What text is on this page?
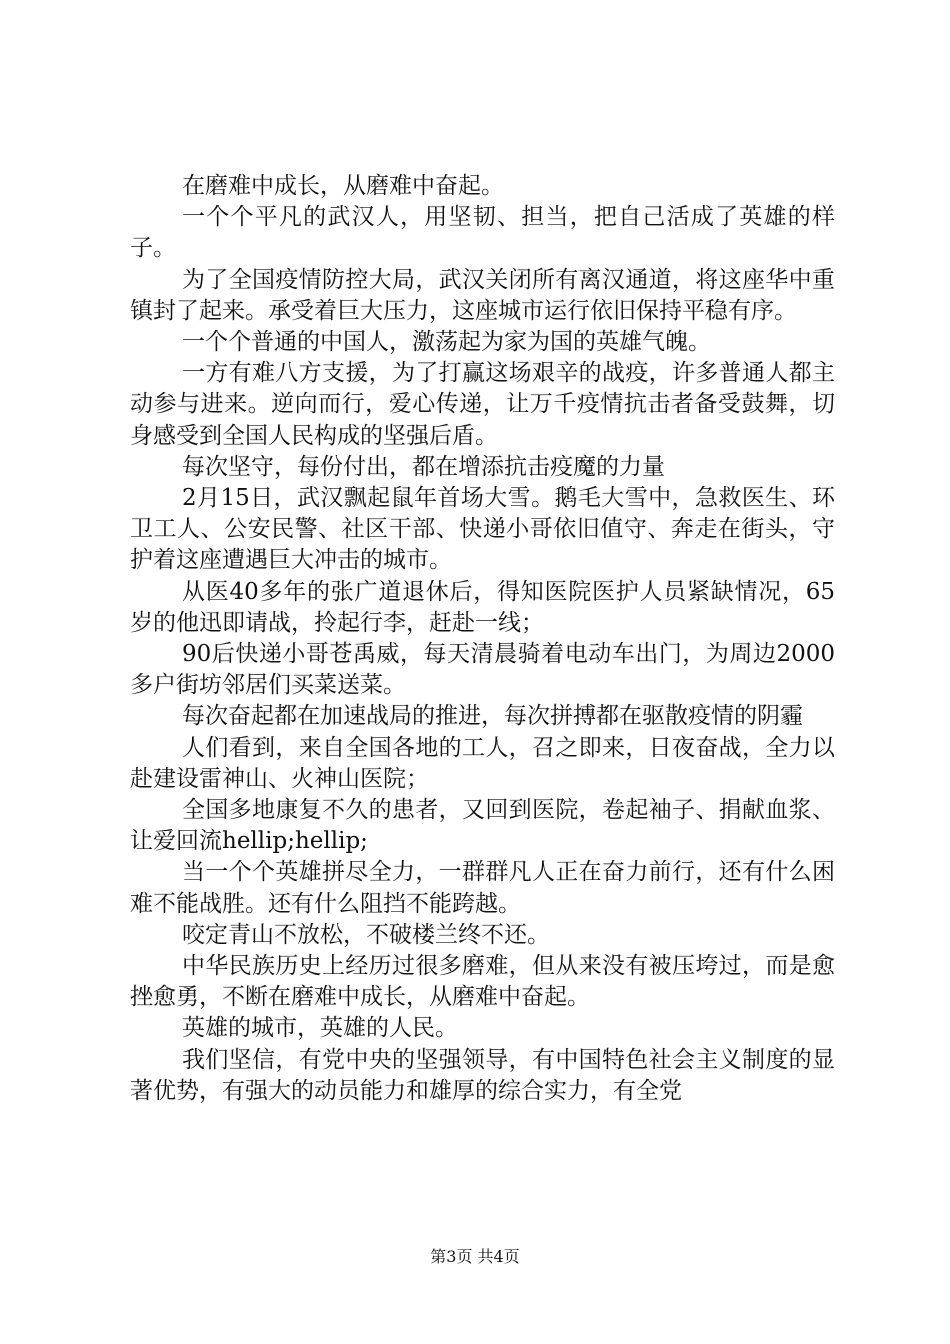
在磨难中成长，从磨难中奋起。

一个个平凡的武汉人，用坚韧、担当，把自己活成了英雄的样子。

为了全国疫情防控大局，武汉关闭所有离汉通道，将这座华中重镇封了起来。承受着巨大压力，这座城市运行依旧保持平稳有序。

一个个普通的中国人，激荡起为家为国的英雄气魄。

一方有难八方支援，为了打赢这场艰辛的战疫，许多普通人都主动参与进来。逆向而行，爱心传递，让万千疫情抗击者备受鼓舞，切身感受到全国人民构成的坚强后盾。

每次坚守，每份付出，都在增添抗击疫魔的力量

2月15日，武汉飘起鼠年首场大雪。鹅毛大雪中，急救医生、环卫工人、公安民警、社区干部、快递小哥依旧值守、奔走在街头，守护着这座遭遇巨大冲击的城市。

从医40多年的张广道退休后，得知医院医护人员紧缺情况，65岁的他迅即请战，拎起行李，赶赴一线；

90后快递小哥苍禹威，每天清晨骑着电动车出门，为周边2000多户街坊邻居们买菜送菜。

每次奋起都在加速战局的推进，每次拼搏都在驱散疫情的阴霾

人们看到，来自全国各地的工人，召之即来，日夜奋战，全力以赴建设雷神山、火神山医院；

全国多地康复不久的患者，又回到医院，卷起袖子、捐献血浆、让爱回流hellip;hellip;

当一个个英雄拼尽全力，一群群凡人正在奋力前行，还有什么困难不能战胜。还有什么阻挡不能跨越。

咬定青山不放松，不破楼兰终不还。

中华民族历史上经历过很多磨难，但从来没有被压垮过，而是愈挫愈勇，不断在磨难中成长，从磨难中奋起。

英雄的城市，英雄的人民。

我们坚信，有党中央的坚强领导，有中国特色社会主义制度的显著优势，有强大的动员能力和雄厚的综合实力，有全党

第3页 共4页
